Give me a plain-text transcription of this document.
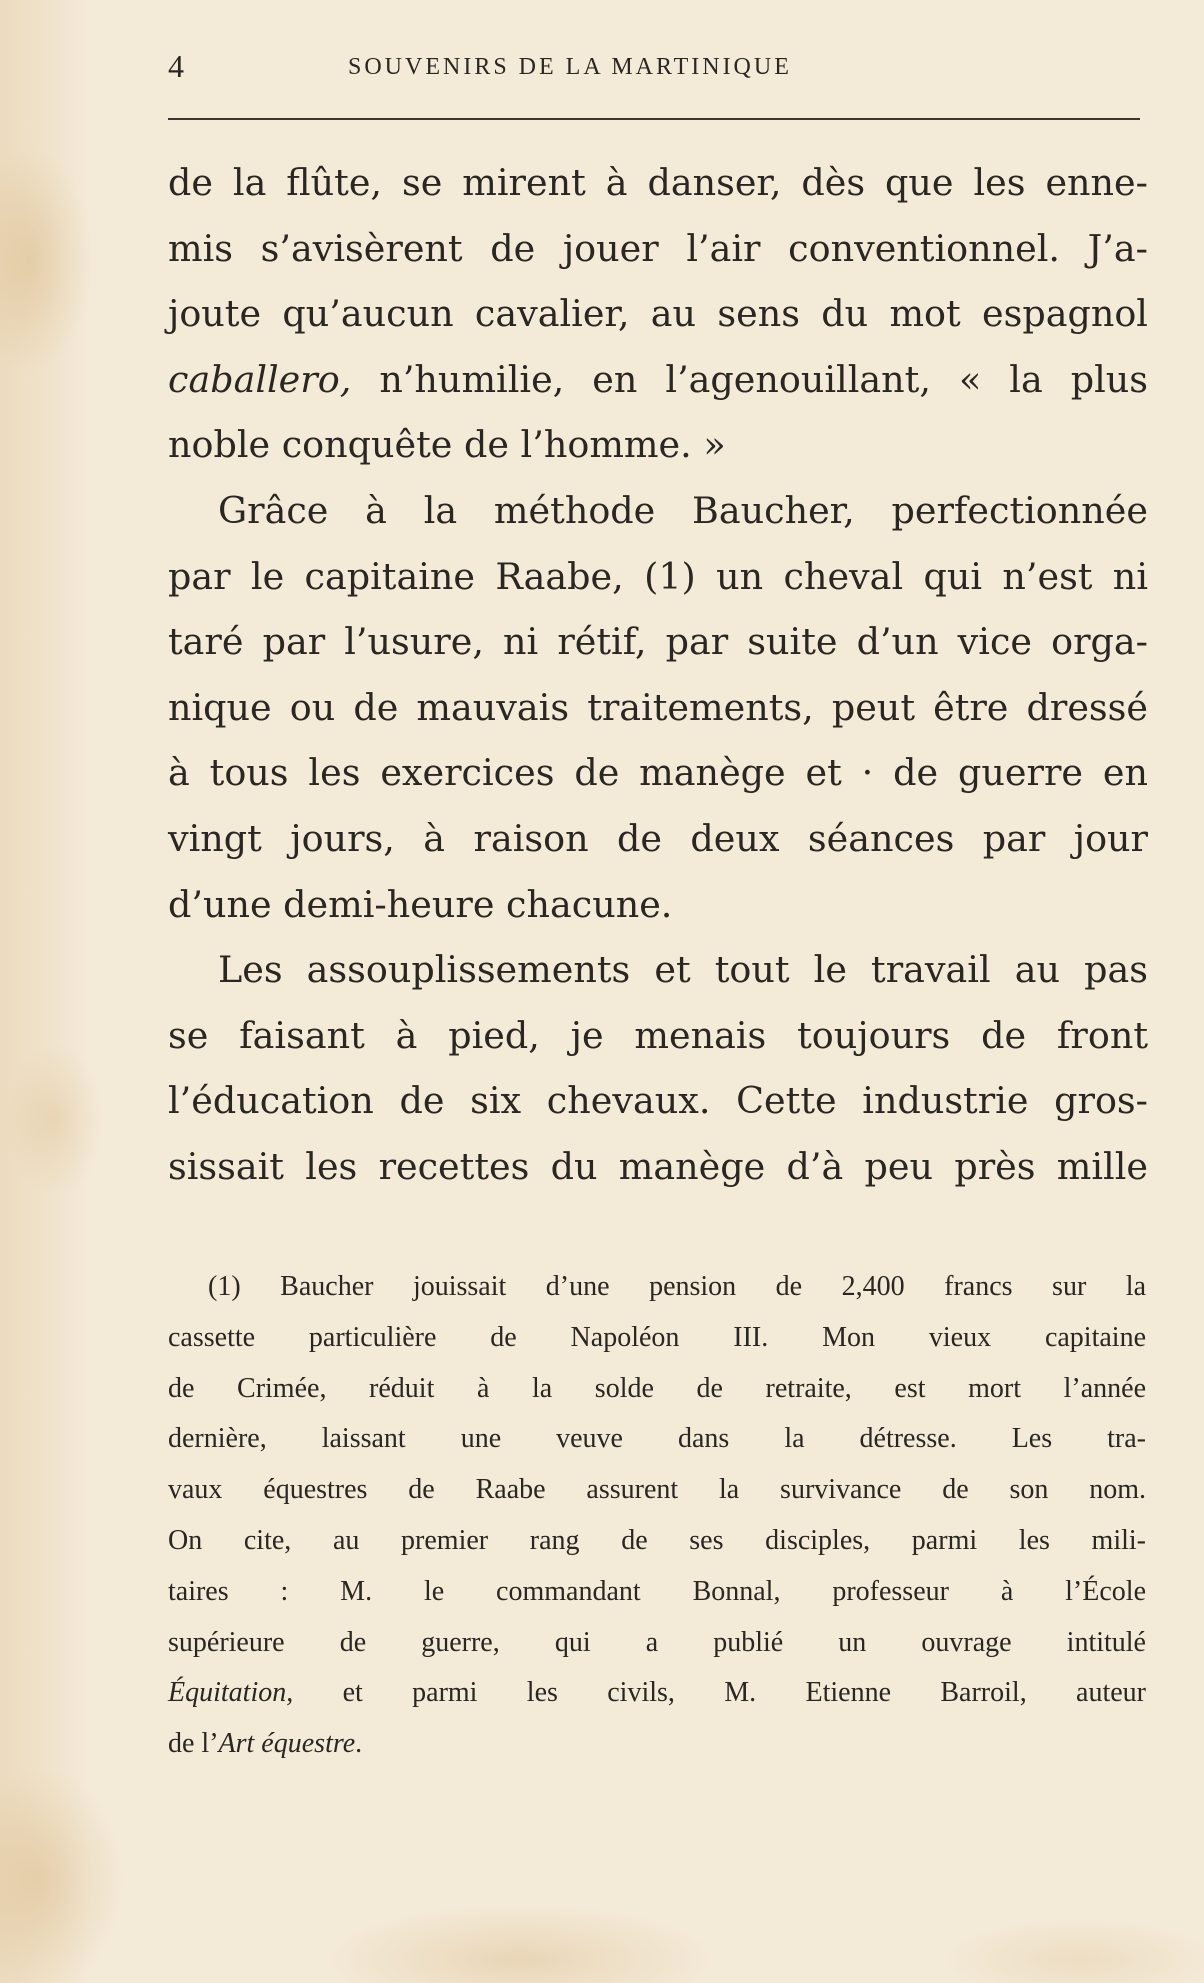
4	SOUVENIRS DE LA MARTINIQUE
de la flûte, se mirent à danser, dès que les enne-
mis s’avisèrent de jouer l’air conventionnel. J’a-
joute qu’aucun cavalier, au sens du mot espagnol
caballero, n’humilie, en l’agenouillant, « la plus
noble conquête de l’homme. »
Grâce à la méthode Baucher, perfectionnée
par le capitaine Raabe, (1) un cheval qui n’est ni
taré par l’usure, ni rétif, par suite d’un vice orga-
nique ou de mauvais traitements, peut être dressé
à tous les exercices de manège et · de guerre en
vingt jours, à raison de deux séances par jour
d’une demi-heure chacune.
Les assouplissements et tout le travail au pas
se faisant à pied, je menais toujours de front
l’éducation de six chevaux. Cette industrie gros-
sissait les recettes du manège d’à peu près mille
(1) Baucher jouissait d’une pension de 2,400 francs sur la
cassette particulière de Napoléon III. Mon vieux capitaine
de Crimée, réduit à la solde de retraite, est mort l’année
dernière, laissant une veuve dans la détresse. Les tra-
vaux équestres de Raabe assurent la survivance de son nom.
On cite, au premier rang de ses disciples, parmi les mili-
taires : M. le commandant Bonnal, professeur à l’École
supérieure de guerre, qui a publié un ouvrage intitulé
Équitation, et parmi les civils, M. Etienne Barroil, auteur
de l’Art équestre.
